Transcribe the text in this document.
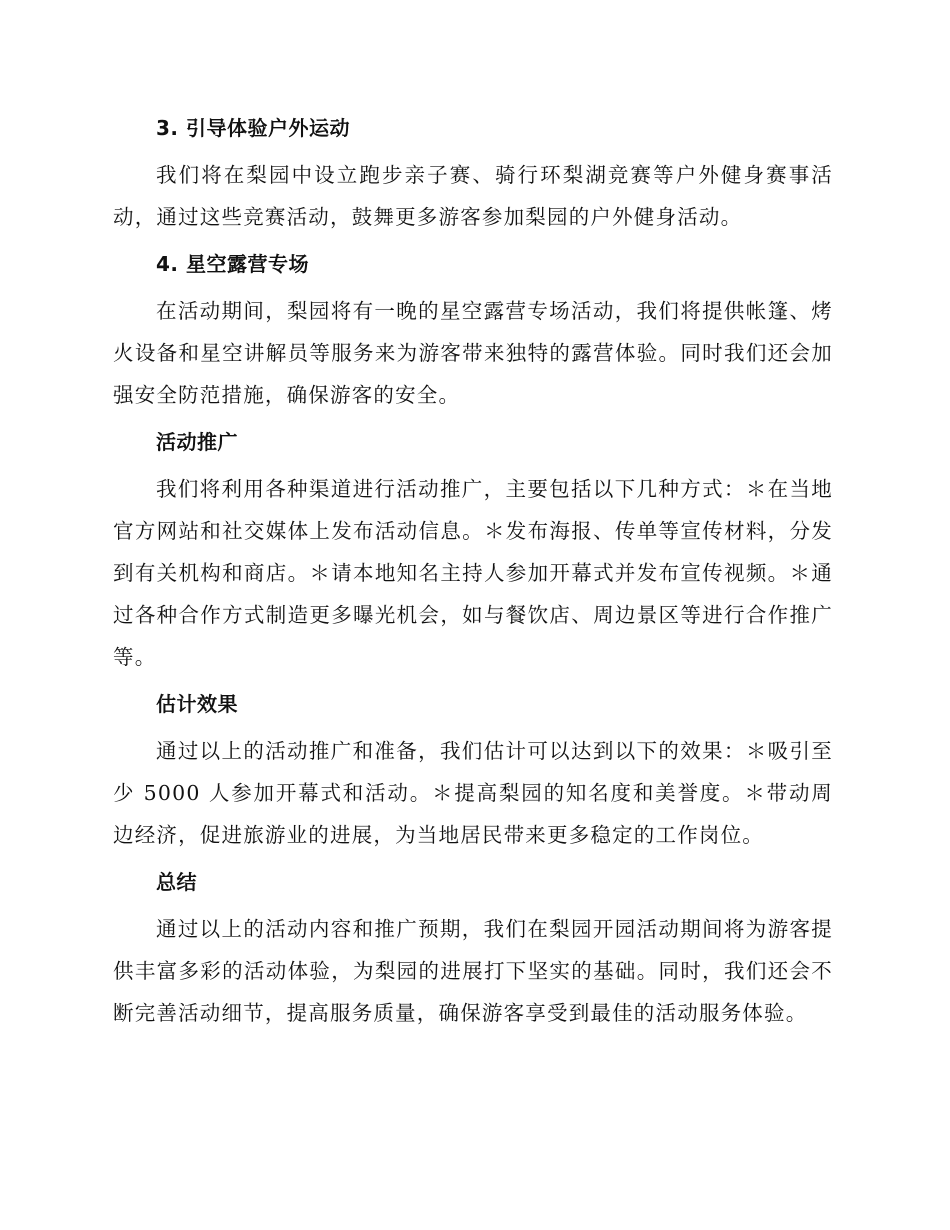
3. 引导体验户外运动

我们将在梨园中设立跑步亲子赛、骑行环梨湖竞赛等户外健身赛事活动，通过这些竞赛活动，鼓舞更多游客参加梨园的户外健身活动。

4. 星空露营专场

在活动期间，梨园将有一晚的星空露营专场活动，我们将提供帐篷、烤火设备和星空讲解员等服务来为游客带来独特的露营体验。同时我们还会加强安全防范措施，确保游客的安全。

活动推广

我们将利用各种渠道进行活动推广，主要包括以下几种方式：＊在当地官方网站和社交媒体上发布活动信息。＊发布海报、传单等宣传材料，分发到有关机构和商店。＊请本地知名主持人参加开幕式并发布宣传视频。＊通过各种合作方式制造更多曝光机会，如与餐饮店、周边景区等进行合作推广等。

估计效果

通过以上的活动推广和准备，我们估计可以达到以下的效果：＊吸引至少 5000 人参加开幕式和活动。＊提高梨园的知名度和美誉度。＊带动周边经济，促进旅游业的进展，为当地居民带来更多稳定的工作岗位。

总结

通过以上的活动内容和推广预期，我们在梨园开园活动期间将为游客提供丰富多彩的活动体验，为梨园的进展打下坚实的基础。同时，我们还会不断完善活动细节，提高服务质量，确保游客享受到最佳的活动服务体验。
